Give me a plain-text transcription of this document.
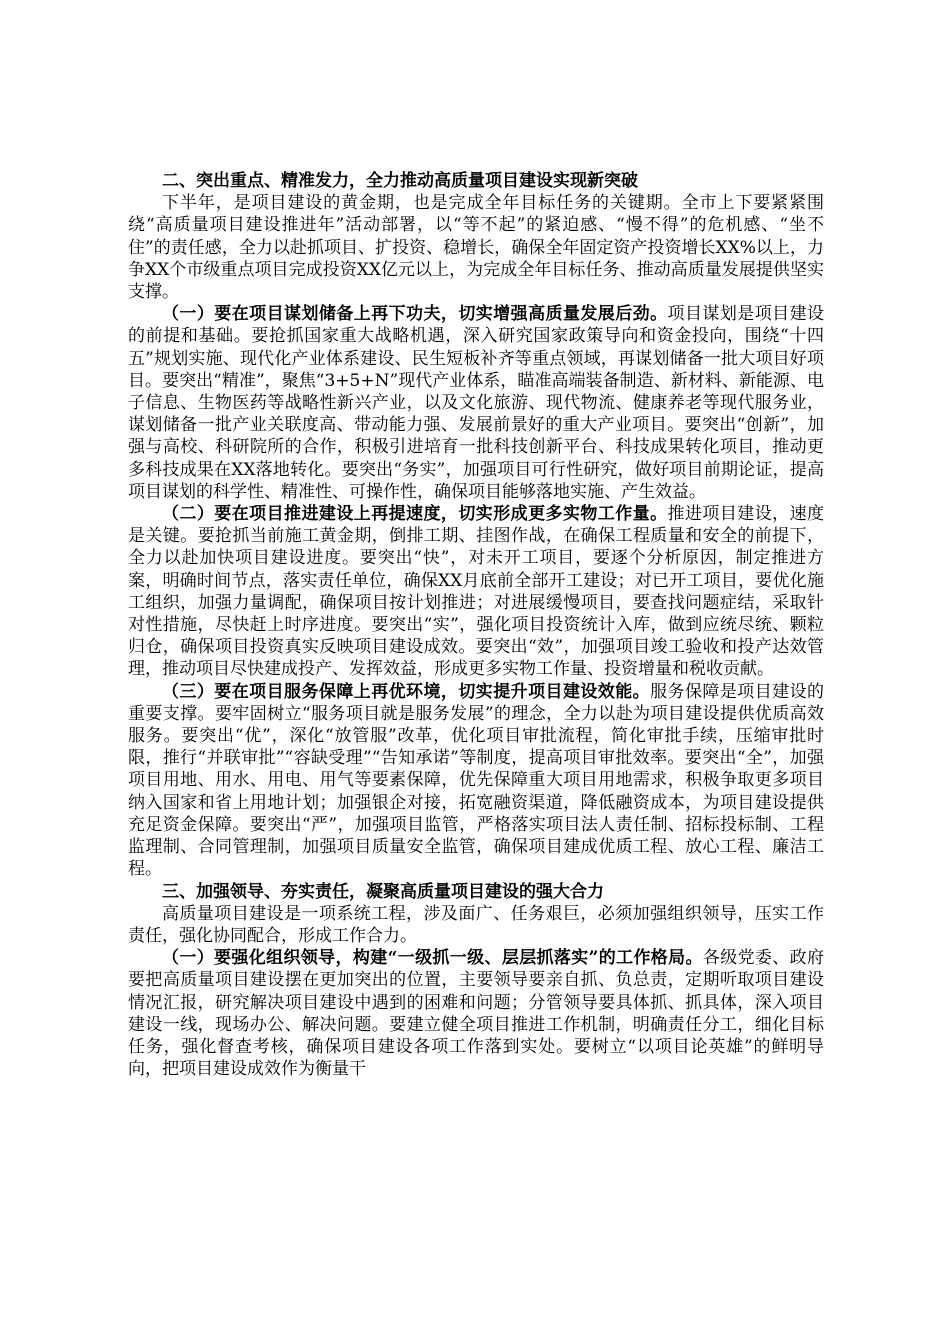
二、突出重点、精准发力，全力推动高质量项目建设实现新突破

下半年，是项目建设的黄金期，也是完成全年目标任务的关键期。全市上下要紧紧围绕“高质量项目建设推进年”活动部署，以“等不起”的紧迫感、“慢不得”的危机感、“坐不住”的责任感，全力以赴抓项目、扩投资、稳增长，确保全年固定资产投资增长XX%以上，力争XX个市级重点项目完成投资XX亿元以上，为完成全年目标任务、推动高质量发展提供坚实支撑。

（一）要在项目谋划储备上再下功夫，切实增强高质量发展后劲。项目谋划是项目建设的前提和基础。要抢抓国家重大战略机遇，深入研究国家政策导向和资金投向，围绕“十四五”规划实施、现代化产业体系建设、民生短板补齐等重点领域，再谋划储备一批大项目好项目。要突出“精准”，聚焦“3+5+N”现代产业体系，瞄准高端装备制造、新材料、新能源、电子信息、生物医药等战略性新兴产业，以及文化旅游、现代物流、健康养老等现代服务业，谋划储备一批产业关联度高、带动能力强、发展前景好的重大产业项目。要突出“创新”，加强与高校、科研院所的合作，积极引进培育一批科技创新平台、科技成果转化项目，推动更多科技成果在XX落地转化。要突出“务实”，加强项目可行性研究，做好项目前期论证，提高项目谋划的科学性、精准性、可操作性，确保项目能够落地实施、产生效益。

（二）要在项目推进建设上再提速度，切实形成更多实物工作量。推进项目建设，速度是关键。要抢抓当前施工黄金期，倒排工期、挂图作战，在确保工程质量和安全的前提下，全力以赴加快项目建设进度。要突出“快”，对未开工项目，要逐个分析原因，制定推进方案，明确时间节点，落实责任单位，确保XX月底前全部开工建设；对已开工项目，要优化施工组织，加强力量调配，确保项目按计划推进；对进展缓慢项目，要查找问题症结，采取针对性措施，尽快赶上时序进度。要突出“实”，强化项目投资统计入库，做到应统尽统、颗粒归仓，确保项目投资真实反映项目建设成效。要突出“效”，加强项目竣工验收和投产达效管理，推动项目尽快建成投产、发挥效益，形成更多实物工作量、投资增量和税收贡献。

（三）要在项目服务保障上再优环境，切实提升项目建设效能。服务保障是项目建设的重要支撑。要牢固树立“服务项目就是服务发展”的理念，全力以赴为项目建设提供优质高效服务。要突出“优”，深化“放管服”改革，优化项目审批流程，简化审批手续，压缩审批时限，推行“并联审批”“容缺受理”“告知承诺”等制度，提高项目审批效率。要突出“全”，加强项目用地、用水、用电、用气等要素保障，优先保障重大项目用地需求，积极争取更多项目纳入国家和省上用地计划；加强银企对接，拓宽融资渠道，降低融资成本，为项目建设提供充足资金保障。要突出“严”，加强项目监管，严格落实项目法人责任制、招标投标制、工程监理制、合同管理制，加强项目质量安全监管，确保项目建成优质工程、放心工程、廉洁工程。

三、加强领导、夯实责任，凝聚高质量项目建设的强大合力

高质量项目建设是一项系统工程，涉及面广、任务艰巨，必须加强组织领导，压实工作责任，强化协同配合，形成工作合力。

（一）要强化组织领导，构建“一级抓一级、层层抓落实”的工作格局。各级党委、政府要把高质量项目建设摆在更加突出的位置，主要领导要亲自抓、负总责，定期听取项目建设情况汇报，研究解决项目建设中遇到的困难和问题；分管领导要具体抓、抓具体，深入项目建设一线，现场办公、解决问题。要建立健全项目推进工作机制，明确责任分工，细化目标任务，强化督查考核，确保项目建设各项工作落到实处。要树立“以项目论英雄”的鲜明导向，把项目建设成效作为衡量干
